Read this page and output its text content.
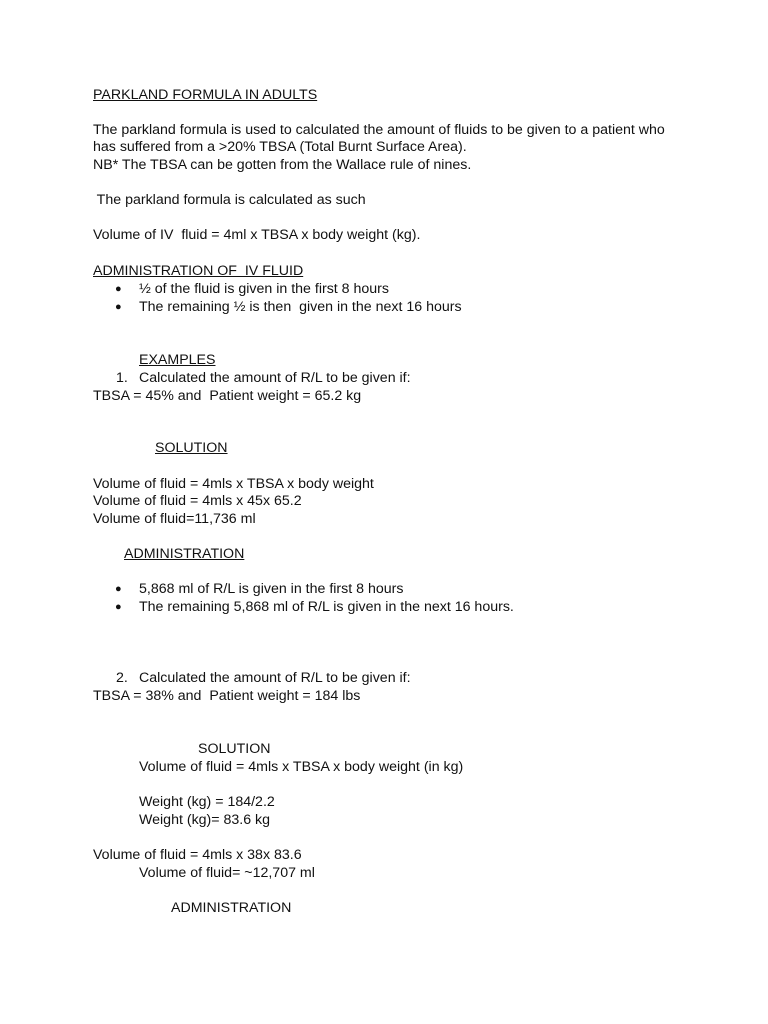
PARKLAND FORMULA IN ADULTS
The parkland formula is used to calculated the amount of fluids to be given to a patient who
has suffered from a >20% TBSA (Total Burnt Surface Area).
NB* The TBSA can be gotten from the Wallace rule of nines.
The parkland formula is calculated as such
Volume of IV  fluid = 4ml x TBSA x body weight (kg).
ADMINISTRATION OF  IV FLUID
● ½ of the fluid is given in the first 8 hours
● The remaining ½ is then  given in the next 16 hours
EXAMPLES
1. Calculated the amount of R/L to be given if:
TBSA = 45% and  Patient weight = 65.2 kg
SOLUTION
Volume of fluid = 4mls x TBSA x body weight
Volume of fluid = 4mls x 45x 65.2
Volume of fluid=11,736 ml
ADMINISTRATION
● 5,868 ml of R/L is given in the first 8 hours
● The remaining 5,868 ml of R/L is given in the next 16 hours.
2. Calculated the amount of R/L to be given if:
TBSA = 38% and  Patient weight = 184 lbs
SOLUTION
Volume of fluid = 4mls x TBSA x body weight (in kg)
Weight (kg) = 184/2.2
Weight (kg)= 83.6 kg
Volume of fluid = 4mls x 38x 83.6
Volume of fluid= ~12,707 ml
ADMINISTRATION
